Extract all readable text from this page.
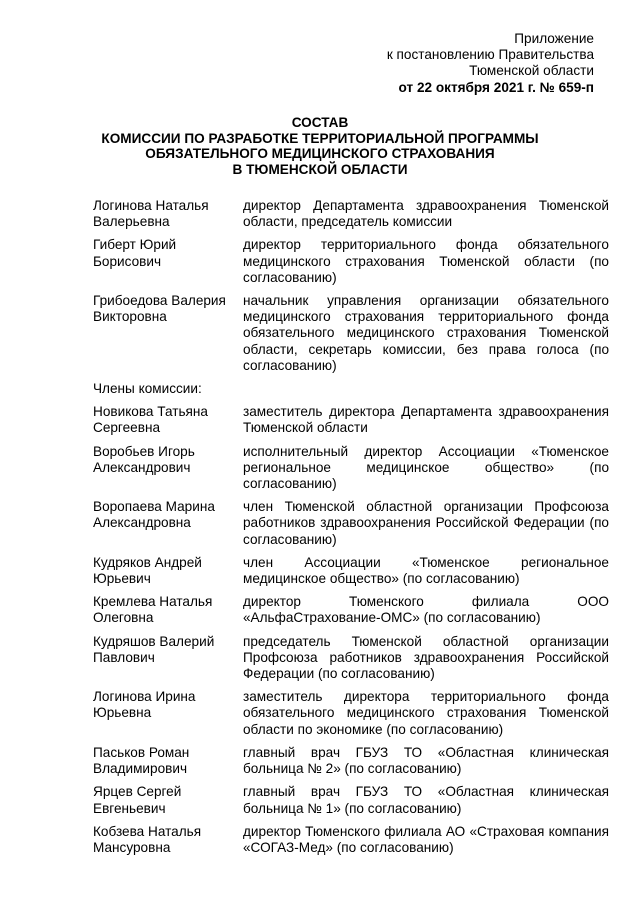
Приложение
к постановлению Правительства
Тюменской области
от 22 октября 2021 г. № 659-п
СОСТАВ
КОМИССИИ ПО РАЗРАБОТКЕ ТЕРРИТОРИАЛЬНОЙ ПРОГРАММЫ
ОБЯЗАТЕЛЬНОГО МЕДИЦИНСКОГО СТРАХОВАНИЯ
В ТЮМЕНСКОЙ ОБЛАСТИ
Логинова Наталья
Валерьевна
директор Департамента здравоохранения Тюменской области, председатель комиссии
Гиберт Юрий
Борисович
директор территориального фонда обязательного медицинского страхования Тюменской области (по согласованию)
Грибоедова Валерия
Викторовна
начальник управления организации обязательного медицинского страхования территориального фонда обязательного медицинского страхования Тюменской области, секретарь комиссии, без права голоса (по согласованию)
Члены комиссии:
Новикова Татьяна
Сергеевна
заместитель директора Департамента здравоохранения Тюменской области
Воробьев Игорь
Александрович
исполнительный директор Ассоциации «Тюменское региональное медицинское общество» (по согласованию)
Воропаева Марина
Александровна
член Тюменской областной организации Профсоюза работников здравоохранения Российской Федерации (по согласованию)
Кудряков Андрей
Юрьевич
член Ассоциации «Тюменское региональное медицинское общество» (по согласованию)
Кремлева Наталья
Олеговна
директор Тюменского филиала ООО «АльфаСтрахование-ОМС» (по согласованию)
Кудряшов Валерий
Павлович
председатель Тюменской областной организации Профсоюза работников здравоохранения Российской Федерации (по согласованию)
Логинова Ирина
Юрьевна
заместитель директора территориального фонда обязательного медицинского страхования Тюменской области по экономике (по согласованию)
Паськов Роман
Владимирович
главный врач ГБУЗ ТО «Областная клиническая больница № 2» (по согласованию)
Ярцев Сергей
Евгеньевич
главный врач ГБУЗ ТО «Областная клиническая больница № 1» (по согласованию)
Кобзева Наталья
Мансуровна
директор Тюменского филиала АО «Страховая компания «СОГАЗ-Мед» (по согласованию)
